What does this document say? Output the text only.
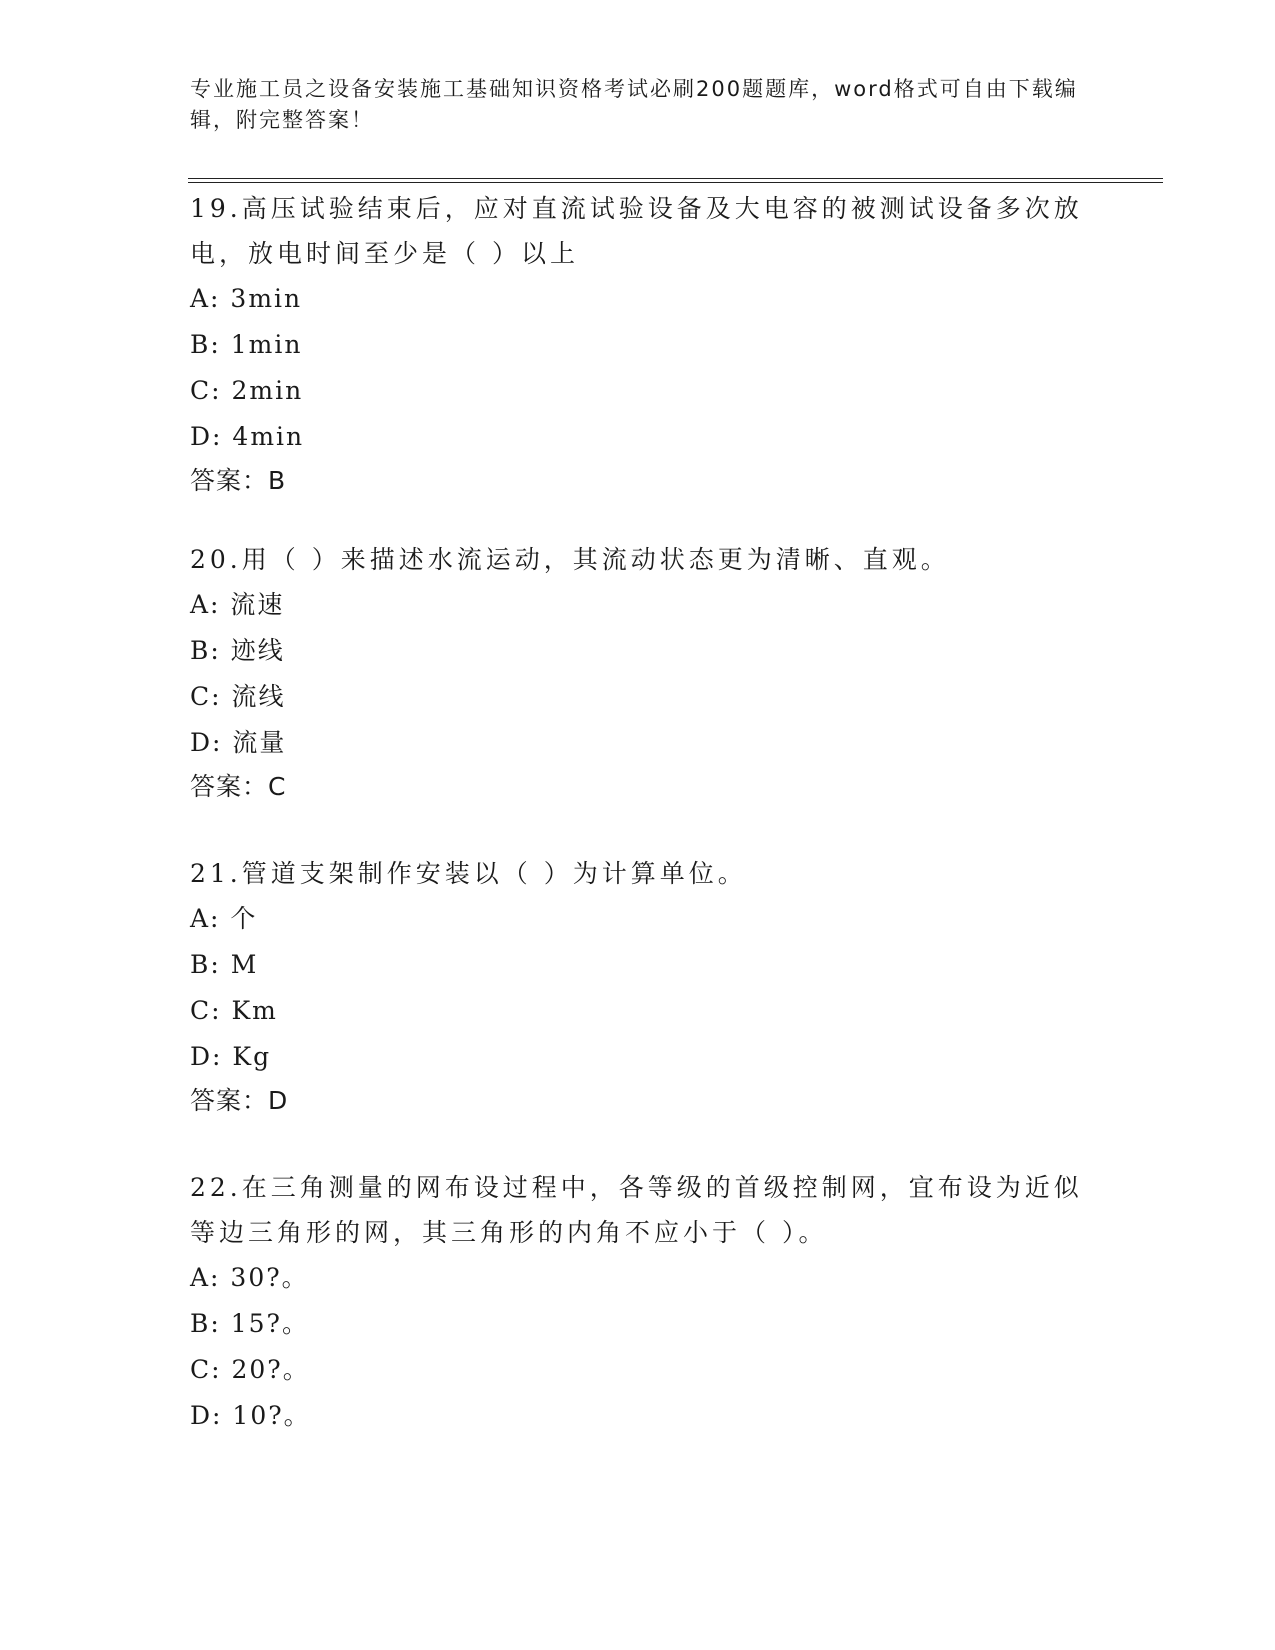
专业施工员之设备安装施工基础知识资格考试必刷200题题库，word格式可自由下载编辑，附完整答案！

19.高压试验结束后，应对直流试验设备及大电容的被测试设备多次放电，放电时间至少是（ ）以上

A: 3min

B: 1min

C: 2min

D: 4min

答案：B

20.用（ ）来描述水流运动，其流动状态更为清晰、直观。

A: 流速

B: 迹线

C: 流线

D: 流量

答案：C

21.管道支架制作安装以（ ）为计算单位。

A: 个

B: M

C: Km

D: Kg

答案：D

22.在三角测量的网布设过程中，各等级的首级控制网，宜布设为近似等边三角形的网，其三角形的内角不应小于（ ）。

A: 30?。

B: 15?。

C: 20?。

D: 10?。
